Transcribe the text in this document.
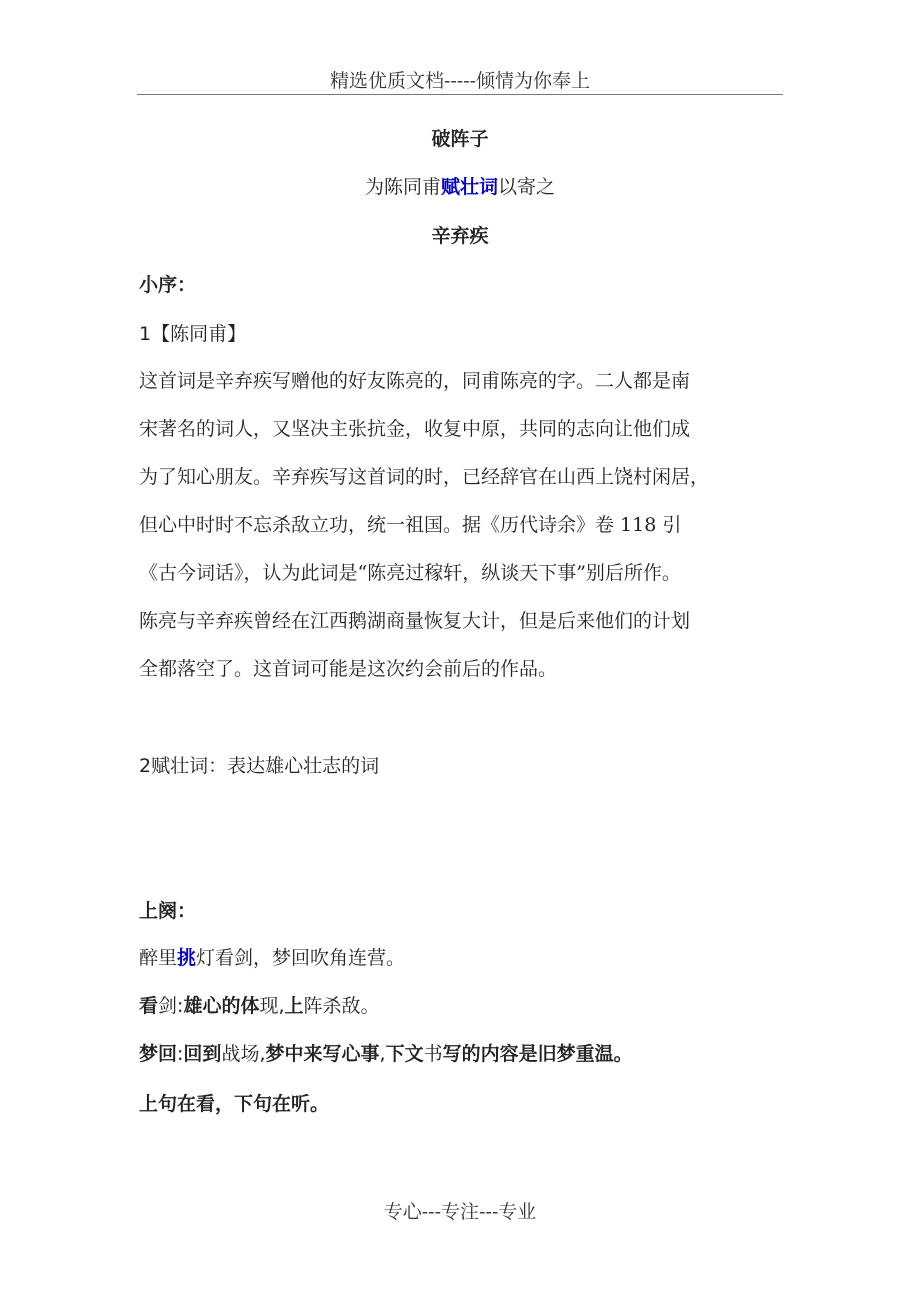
精选优质文档-----倾情为你奉上
破阵子
为陈同甫赋壮词以寄之
辛弃疾
小序：
1【陈同甫】
这首词是辛弃疾写赠他的好友陈亮的，同甫陈亮的字。二人都是南
宋著名的词人，又坚决主张抗金，收复中原，共同的志向让他们成
为了知心朋友。辛弃疾写这首词的时，已经辞官在山西上饶村闲居，
但心中时时不忘杀敌立功，统一祖国。据《历代诗余》卷 118 引
《古今词话》，认为此词是“陈亮过稼轩，纵谈天下事”别后所作。
陈亮与辛弃疾曾经在江西鹅湖商量恢复大计，但是后来他们的计划
全都落空了。这首词可能是这次约会前后的作品。
2赋壮词：表达雄心壮志的词
上阕：
醉里挑灯看剑，梦回吹角连营。
看剑:雄心的体现,上阵杀敌。
梦回:回到战场,梦中来写心事,下文书写的内容是旧梦重温。
上句在看，下句在听。
专心---专注---专业
